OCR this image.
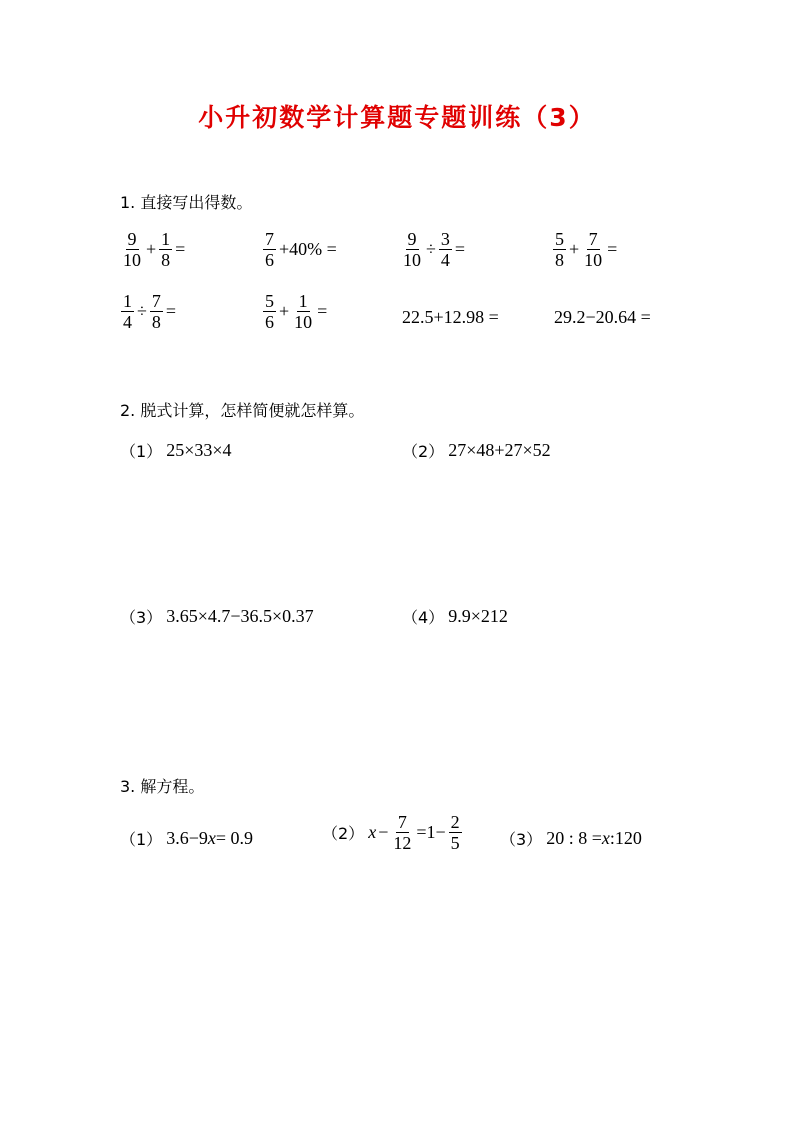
小升初数学计算题专题训练（3）
1. 直接写出得数。
$\frac{9}{10} + \frac{1}{8}$ =	$\frac{7}{6} +40\%$ =	$\frac{9}{10} \div \frac{3}{4}$ =	$\frac{5}{8} + \frac{7}{10}$ =
$\frac{1}{4} \div \frac{7}{8}$ =	$\frac{5}{6} + \frac{1}{10}$ =	22.5+12.98 =	29.2−20.64 =
2. 脱式计算，怎样简便就怎样算。
（1） 25×33×4	（2） 27×48+27×52
（3） 3.65×4.7−36.5×0.37	（4） 9.9×212
3. 解方程。
（1） 3.6−9 x = 0.9	（2） $x - \frac{7}{12} =1- \frac{2}{5} (3)$ 20 : 8 = x :120
